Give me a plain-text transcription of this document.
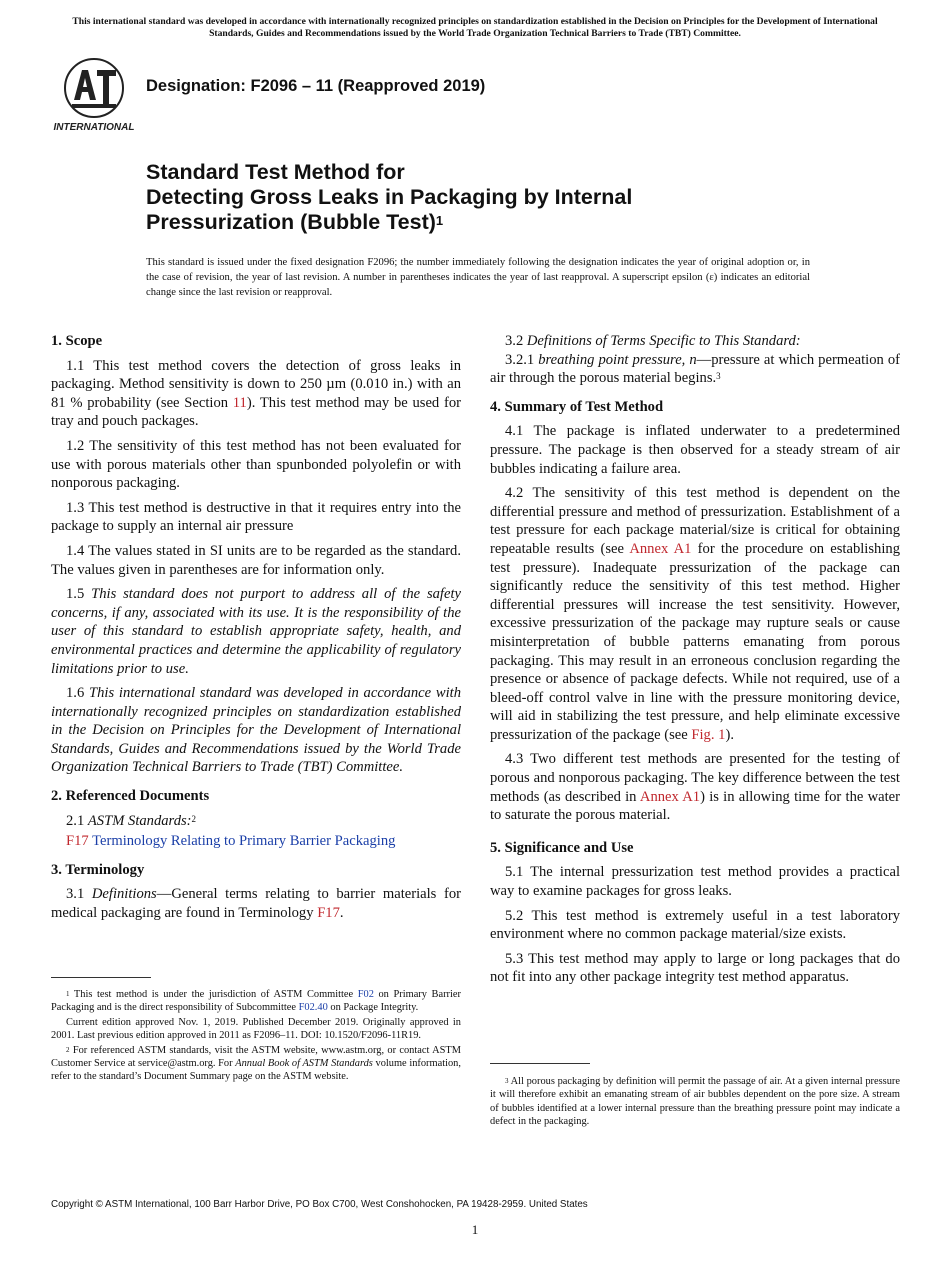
This international standard was developed in accordance with internationally recognized principles on standardization established in the Decision on Principles for the Development of International Standards, Guides and Recommendations issued by the World Trade Organization Technical Barriers to Trade (TBT) Committee.
INTERNATIONAL
Designation: F2096 – 11 (Reapproved 2019)
Standard Test Method for
Detecting Gross Leaks in Packaging by Internal
Pressurization (Bubble Test)$^1$
This standard is issued under the fixed designation F2096; the number immediately following the designation indicates the year of original adoption or, in the case of revision, the year of last revision. A number in parentheses indicates the year of last reapproval. A superscript epsilon (ε) indicates an editorial change since the last revision or reapproval.
1. Scope

1.1 This test method covers the detection of gross leaks in packaging. Method sensitivity is down to 250 µm (0.010 in.) with an 81 % probability (see Section 11). This test method may be used for tray and pouch packages.

1.2 The sensitivity of this test method has not been evaluated for use with porous materials other than spunbonded polyolefin or with nonporous packaging.

1.3 This test method is destructive in that it requires entry into the package to supply an internal air pressure

1.4 The values stated in SI units are to be regarded as the standard. The values given in parentheses are for information only.

1.5 This standard does not purport to address all of the safety concerns, if any, associated with its use. It is the responsibility of the user of this standard to establish appropriate safety, health, and environmental practices and determine the applicability of regulatory limitations prior to use.

1.6 This international standard was developed in accordance with internationally recognized principles on standardization established in the Decision on Principles for the Development of International Standards, Guides and Recommendations issued by the World Trade Organization Technical Barriers to Trade (TBT) Committee.

2. Referenced Documents

2.1 ASTM Standards:$^2$

F17 Terminology Relating to Primary Barrier Packaging

3. Terminology

3.1 Definitions—General terms relating to barrier materials for medical packaging are found in Terminology F17.

3.2 Definitions of Terms Specific to This Standard:

3.2.1 breathing point pressure, n—pressure at which permeation of air through the porous material begins.$^3$

4. Summary of Test Method

4.1 The package is inflated underwater to a predetermined pressure. The package is then observed for a steady stream of air bubbles indicating a failure area.

4.2 The sensitivity of this test method is dependent on the differential pressure and method of pressurization. Establishment of a test pressure for each package material/size is critical for obtaining repeatable results (see Annex A1 for the procedure on establishing test pressure). Inadequate pressurization of the package can significantly reduce the sensitivity of this test method. Higher differential pressures will increase the test sensitivity. However, excessive pressurization of the package may rupture seals or cause misinterpretation of bubble patterns emanating from porous packaging. This may result in an erroneous conclusion regarding the presence or absence of package defects. While not required, use of a bleed-off control valve in line with the pressure monitoring device, will aid in stabilizing the test pressure, and help eliminate excessive pressurization of the package (see Fig. 1).

4.3 Two different test methods are presented for the testing of porous and nonporous packaging. The key difference between the test methods (as described in Annex A1) is in allowing time for the water to saturate the porous material.

5. Significance and Use

5.1 The internal pressurization test method provides a practical way to examine packages for gross leaks.

5.2 This test method is extremely useful in a test laboratory environment where no common package material/size exists.

5.3 This test method may apply to large or long packages that do not fit into any other package integrity test method apparatus.

$^1$ This test method is under the jurisdiction of ASTM Committee F02 on Primary Barrier Packaging and is the direct responsibility of Subcommittee F02.40 on Package Integrity.

Current edition approved Nov. 1, 2019. Published December 2019. Originally approved in 2001. Last previous edition approved in 2011 as F2096–11. DOI: 10.1520/F2096-11R19.

$^2$ For referenced ASTM standards, visit the ASTM website, www.astm.org, or contact ASTM Customer Service at service@astm.org. For Annual Book of ASTM Standards volume information, refer to the standard’s Document Summary page on the ASTM website.	$^3$ All porous packaging by definition will permit the passage of air. At a given internal pressure it will therefore exhibit an emanating stream of air bubbles dependent on the pore size. A stream of bubbles identified at a lower internal pressure than the breathing pressure point may indicate a defect in the packaging.

Copyright © ASTM International, 100 Barr Harbor Drive, PO Box C700, West Conshohocken, PA 19428-2959. United States
1
